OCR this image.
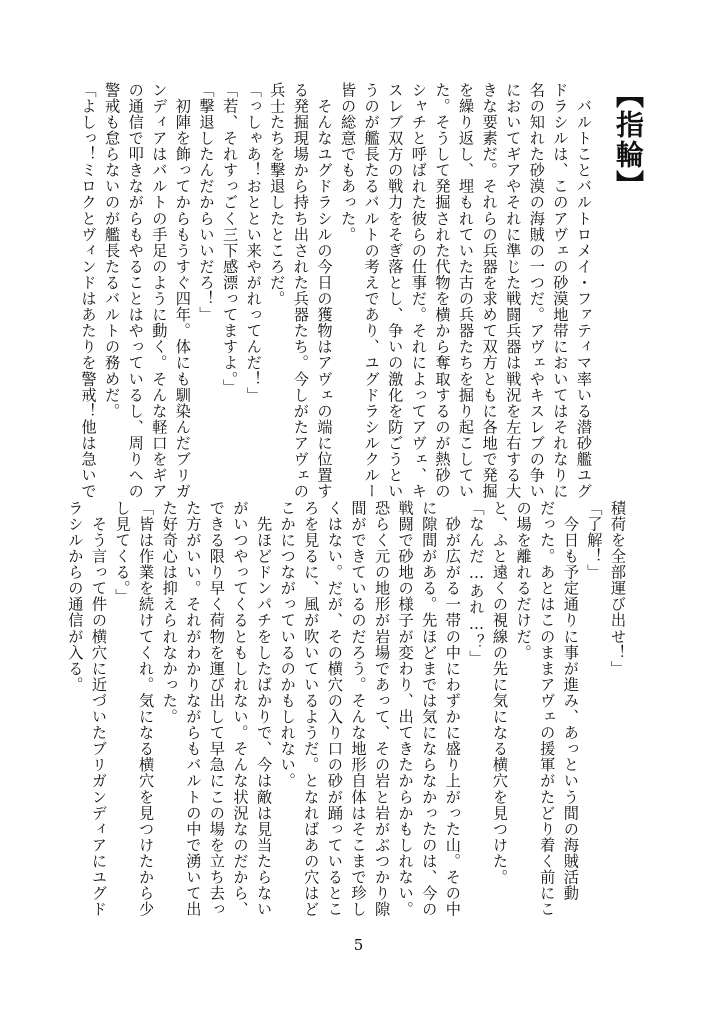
【指輪】

　バルトことバルトロメイ・ファティマ率いる潜砂艦ユグ

ドラシルは、このアヴェの砂漠地帯においてはそれなりに

名の知れた砂漠の海賊の一つだ。アヴェやキスレブの争い

においてギアやそれに準じた戦闘兵器は戦況を左右する大

きな要素だ。それらの兵器を求めて双方ともに各地で発掘

を繰り返し、埋もれていた古の兵器たちを掘り起こしてい

た。そうして発掘された代物を横から奪取するのが熱砂の

シャチと呼ばれた彼らの仕事だ。それによってアヴェ、キ

スレブ双方の戦力をそぎ落とし、争いの激化を防ごうとい

うのが艦長たるバルトの考えであり、ユグドラシルクルー

皆の総意でもあった。

　そんなユグドラシルの今日の獲物はアヴェの端に位置す

る発掘現場から持ち出された兵器たち。今しがたアヴェの

兵士たちを撃退したところだ。

「っしゃあ！おととい来やがれってんだ！」

「若、それすっごく三下感漂ってますよ。」

「撃退したんだからいいだろ！」

　初陣を飾ってからもうすぐ四年。体にも馴染んだブリガ

ンディアはバルトの手足のように動く。そんな軽口をギア

の通信で叩きながらもやることはやっているし、周りへの

警戒も怠らないのが艦長たるバルトの務めだ。

「よしっ！ミロクとヴィンドはあたりを警戒！他は急いで

積荷を全部運び出せ！」

「了解！」

　今日も予定通りに事が進み、あっという間の海賊活動

だった。あとはこのままアヴェの援軍がたどり着く前にこ

の場を離れるだけだ。

と、ふと遠くの視線の先に気になる横穴を見つけた。

「なんだ…あれ…？」

　砂が広がる一帯の中にわずかに盛り上がった山。その中

に隙間がある。先ほどまでは気にならなかったのは、今の

戦闘で砂地の様子が変わり、出てきたからかもしれない。

恐らく元の地形が岩場であって、その岩と岩がぶつかり隙

間ができているのだろう。そんな地形自体はそこまで珍し

くはない。だが、その横穴の入り口の砂が踊っているとこ

ろを見るに、風が吹いているようだ。となればあの穴はど

こかにつながっているのかもしれない。

　先ほどドンパチをしたばかりで、今は敵は見当たらない

がいつやってくるともしれない。そんな状況なのだから、

できる限り早く荷物を運び出して早急にこの場を立ち去っ

た方がいい。それがわかりながらもバルトの中で湧いて出

た好奇心は抑えられなかった。

「皆は作業を続けてくれ。気になる横穴を見つけたから少

し見てくる。」

　そう言って件の横穴に近づいたブリガンディアにユグド

ラシルからの通信が入る。

5
